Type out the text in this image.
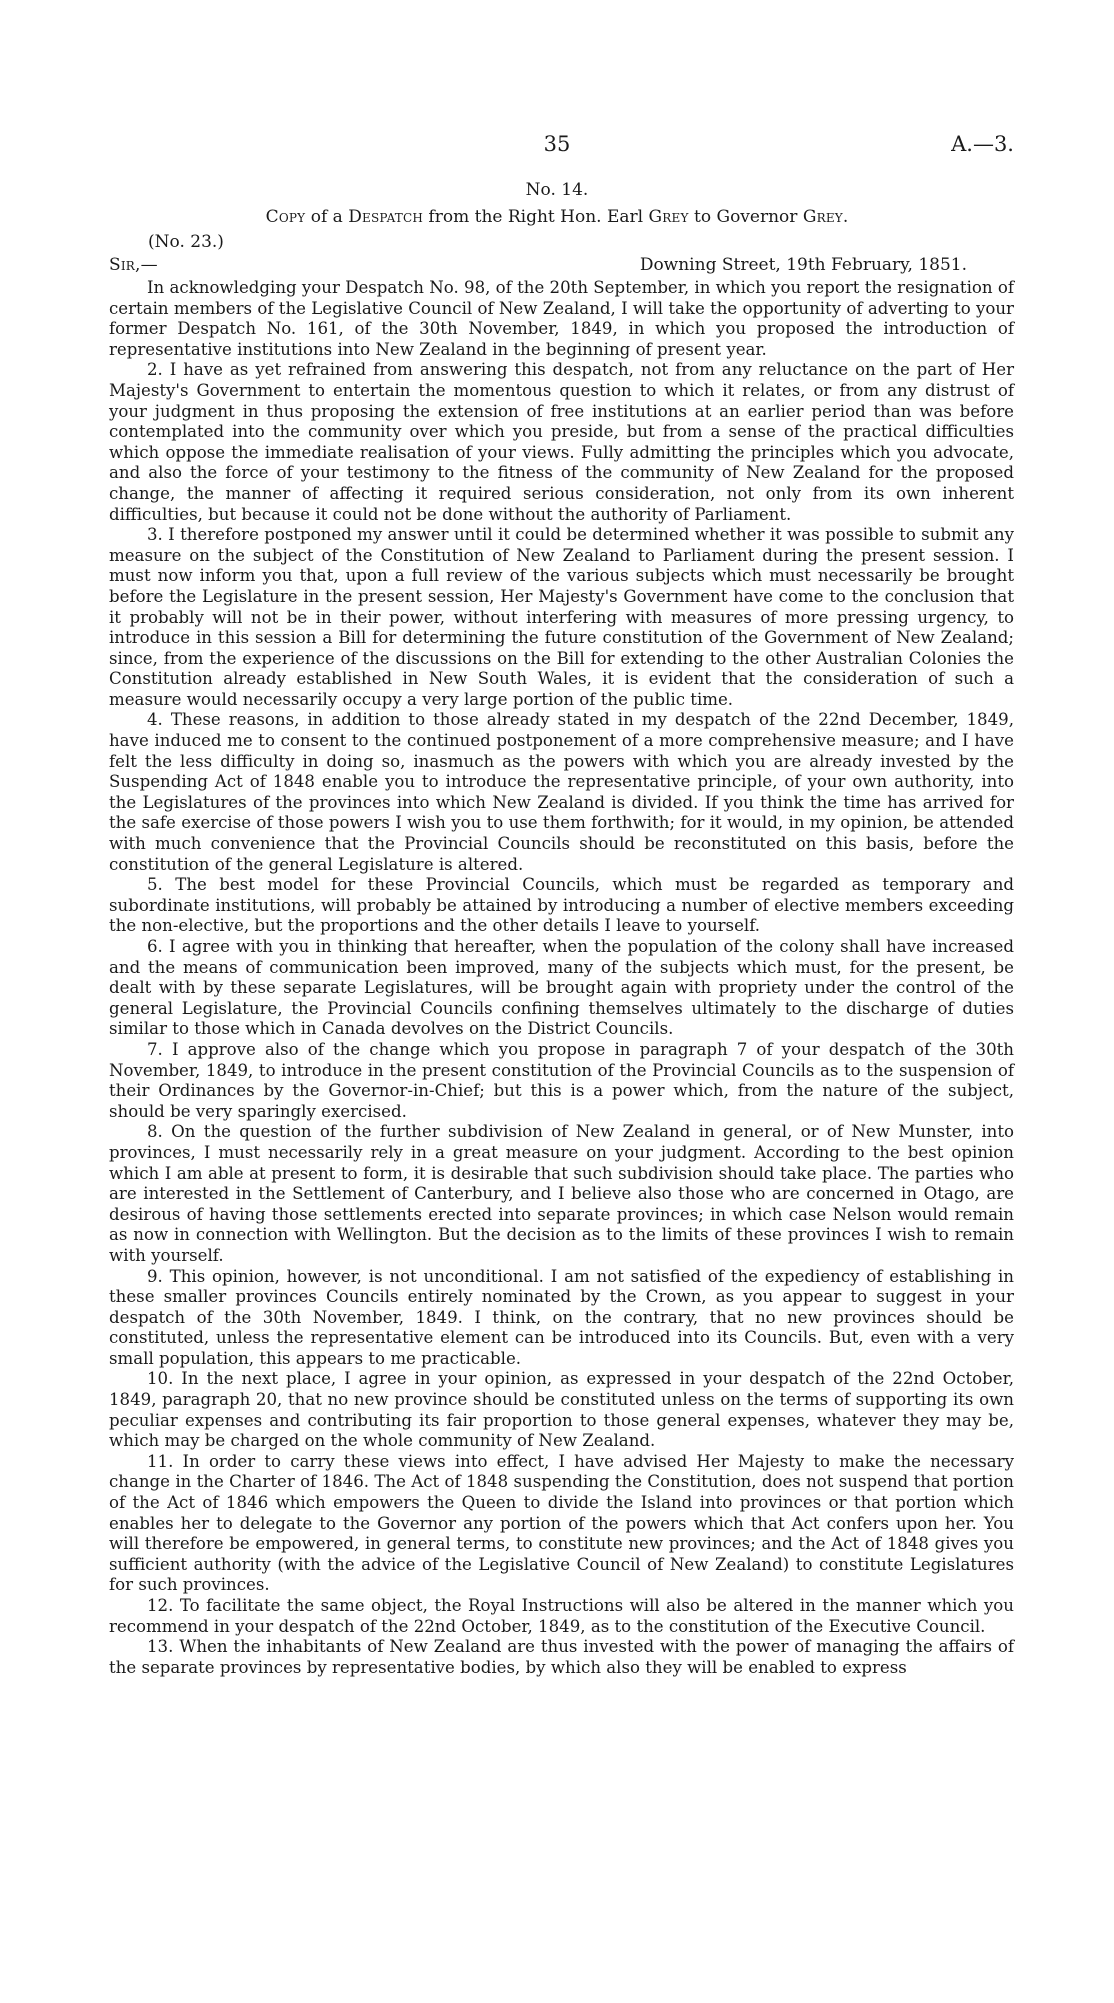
35	A.—3.
No. 14.
Copy of a Despatch from the Right Hon. Earl Grey to Governor Grey.
(No. 23.)
Sir,—	Downing Street, 19th February, 1851.

In acknowledging your Despatch No. 98, of the 20th September, in which you report the resignation of certain members of the Legislative Council of New Zealand, I will take the opportunity of adverting to your former Despatch No. 161, of the 30th November, 1849, in which you proposed the introduction of representative institutions into New Zealand in the beginning of present year.

2. I have as yet refrained from answering this despatch, not from any reluctance on the part of Her Majesty's Government to entertain the momentous question to which it relates, or from any distrust of your judgment in thus proposing the extension of free institutions at an earlier period than was before contemplated into the community over which you preside, but from a sense of the practical difficulties which oppose the immediate realisation of your views. Fully admitting the principles which you advocate, and also the force of your testimony to the fitness of the community of New Zealand for the proposed change, the manner of affecting it required serious consideration, not only from its own inherent difficulties, but because it could not be done without the authority of Parliament.

3. I therefore postponed my answer until it could be determined whether it was possible to submit any measure on the subject of the Constitution of New Zealand to Parliament during the present session. I must now inform you that, upon a full review of the various subjects which must necessarily be brought before the Legislature in the present session, Her Majesty's Government have come to the conclusion that it probably will not be in their power, without interfering with measures of more pressing urgency, to introduce in this session a Bill for determining the future constitution of the Government of New Zealand; since, from the experience of the discussions on the Bill for extending to the other Australian Colonies the Constitution already established in New South Wales, it is evident that the consideration of such a measure would necessarily occupy a very large portion of the public time.

4. These reasons, in addition to those already stated in my despatch of the 22nd December, 1849, have induced me to consent to the continued postponement of a more comprehensive measure; and I have felt the less difficulty in doing so, inasmuch as the powers with which you are already invested by the Suspending Act of 1848 enable you to introduce the representative principle, of your own authority, into the Legislatures of the provinces into which New Zealand is divided. If you think the time has arrived for the safe exercise of those powers I wish you to use them forthwith; for it would, in my opinion, be attended with much convenience that the Provincial Councils should be reconstituted on this basis, before the constitution of the general Legislature is altered.

5. The best model for these Provincial Councils, which must be regarded as temporary and subordinate institutions, will probably be attained by introducing a number of elective members exceeding the non-elective, but the proportions and the other details I leave to yourself.

6. I agree with you in thinking that hereafter, when the population of the colony shall have increased and the means of communication been improved, many of the subjects which must, for the present, be dealt with by these separate Legislatures, will be brought again with propriety under the control of the general Legislature, the Provincial Councils confining themselves ultimately to the discharge of duties similar to those which in Canada devolves on the District Councils.

7. I approve also of the change which you propose in paragraph 7 of your despatch of the 30th November, 1849, to introduce in the present constitution of the Provincial Councils as to the suspension of their Ordinances by the Governor-in-Chief; but this is a power which, from the nature of the subject, should be very sparingly exercised.

8. On the question of the further subdivision of New Zealand in general, or of New Munster, into provinces, I must necessarily rely in a great measure on your judgment. According to the best opinion which I am able at present to form, it is desirable that such subdivision should take place. The parties who are interested in the Settlement of Canterbury, and I believe also those who are concerned in Otago, are desirous of having those settlements erected into separate provinces; in which case Nelson would remain as now in connection with Wellington. But the decision as to the limits of these provinces I wish to remain with yourself.

9. This opinion, however, is not unconditional. I am not satisfied of the expediency of establishing in these smaller provinces Councils entirely nominated by the Crown, as you appear to suggest in your despatch of the 30th November, 1849. I think, on the contrary, that no new provinces should be constituted, unless the representative element can be introduced into its Councils. But, even with a very small population, this appears to me practicable.

10. In the next place, I agree in your opinion, as expressed in your despatch of the 22nd October, 1849, paragraph 20, that no new province should be constituted unless on the terms of supporting its own peculiar expenses and contributing its fair proportion to those general expenses, whatever they may be, which may be charged on the whole community of New Zealand.

11. In order to carry these views into effect, I have advised Her Majesty to make the necessary change in the Charter of 1846. The Act of 1848 suspending the Constitution, does not suspend that portion of the Act of 1846 which empowers the Queen to divide the Island into provinces or that portion which enables her to delegate to the Governor any portion of the powers which that Act confers upon her. You will therefore be empowered, in general terms, to constitute new provinces; and the Act of 1848 gives you sufficient authority (with the advice of the Legislative Council of New Zealand) to constitute Legislatures for such provinces.

12. To facilitate the same object, the Royal Instructions will also be altered in the manner which you recommend in your despatch of the 22nd October, 1849, as to the constitution of the Executive Council.

13. When the inhabitants of New Zealand are thus invested with the power of managing the affairs of the separate provinces by representative bodies, by which also they will be enabled to express
